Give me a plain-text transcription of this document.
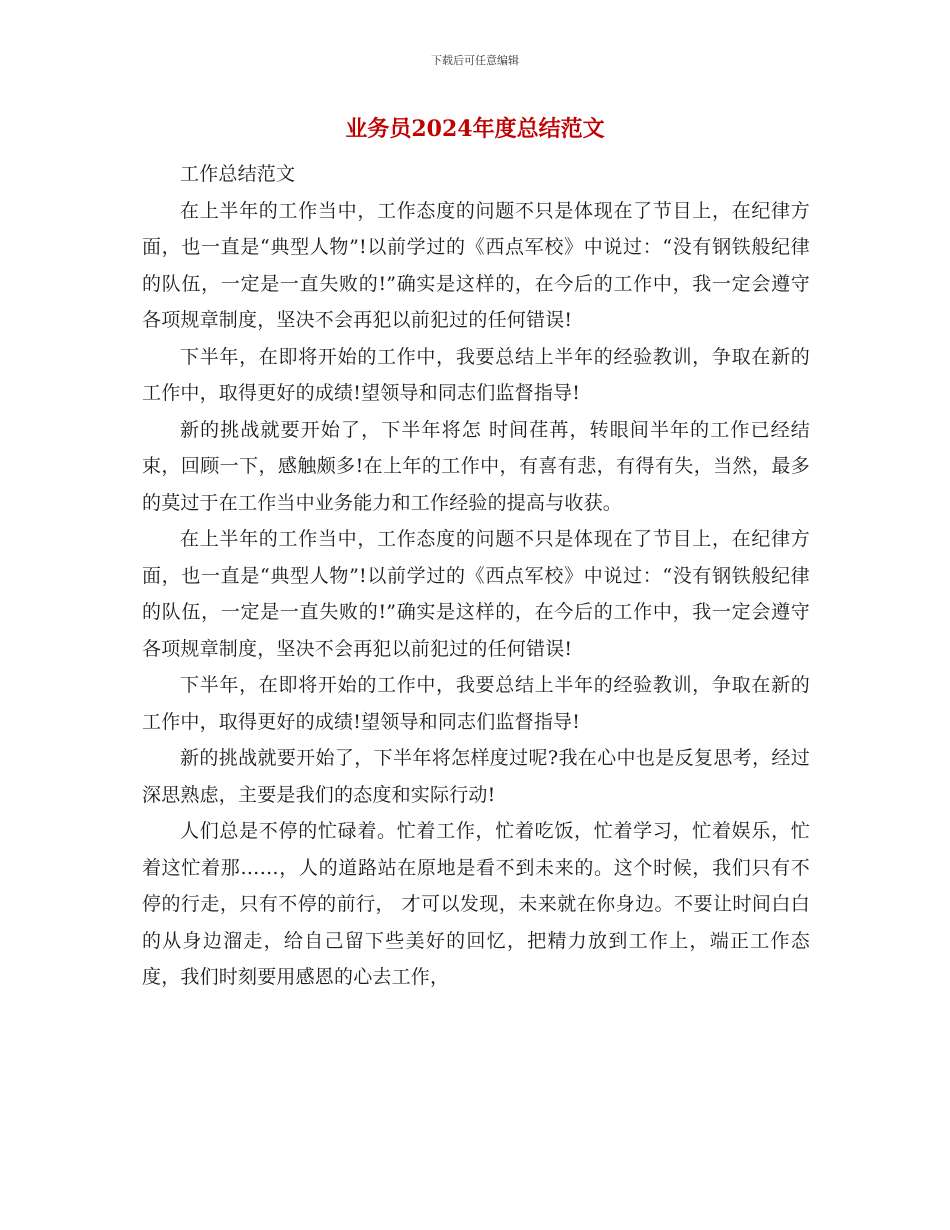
下载后可任意编辑
业务员2024年度总结范文

工作总结范文

在上半年的工作当中，工作态度的问题不只是体现在了节目上，在纪律方面，也一直是“典型人物”!以前学过的《西点军校》中说过：“没有钢铁般纪律的队伍，一定是一直失败的!”确实是这样的，在今后的工作中，我一定会遵守各项规章制度，坚决不会再犯以前犯过的任何错误!

下半年，在即将开始的工作中，我要总结上半年的经验教训，争取在新的工作中，取得更好的成绩!望领导和同志们监督指导!

新的挑战就要开始了，下半年将怎 时间荏苒，转眼间半年的工作已经结束，回顾一下，感触颇多!在上年的工作中，有喜有悲，有得有失，当然，最多的莫过于在工作当中业务能力和工作经验的提高与收获。

在上半年的工作当中，工作态度的问题不只是体现在了节目上，在纪律方面，也一直是“典型人物”!以前学过的《西点军校》中说过：“没有钢铁般纪律的队伍，一定是一直失败的!”确实是这样的，在今后的工作中，我一定会遵守各项规章制度，坚决不会再犯以前犯过的任何错误!

下半年，在即将开始的工作中，我要总结上半年的经验教训，争取在新的工作中，取得更好的成绩!望领导和同志们监督指导!

新的挑战就要开始了，下半年将怎样度过呢?我在心中也是反复思考，经过深思熟虑，主要是我们的态度和实际行动!

人们总是不停的忙碌着。忙着工作，忙着吃饭，忙着学习，忙着娱乐，忙着这忙着那……，人的道路站在原地是看不到未来的。这个时候，我们只有不停的行走，只有不停的前行， 才可以发现，未来就在你身边。不要让时间白白的从身边溜走，给自己留下些美好的回忆，把精力放到工作上，端正工作态度，我们时刻要用感恩的心去工作，
